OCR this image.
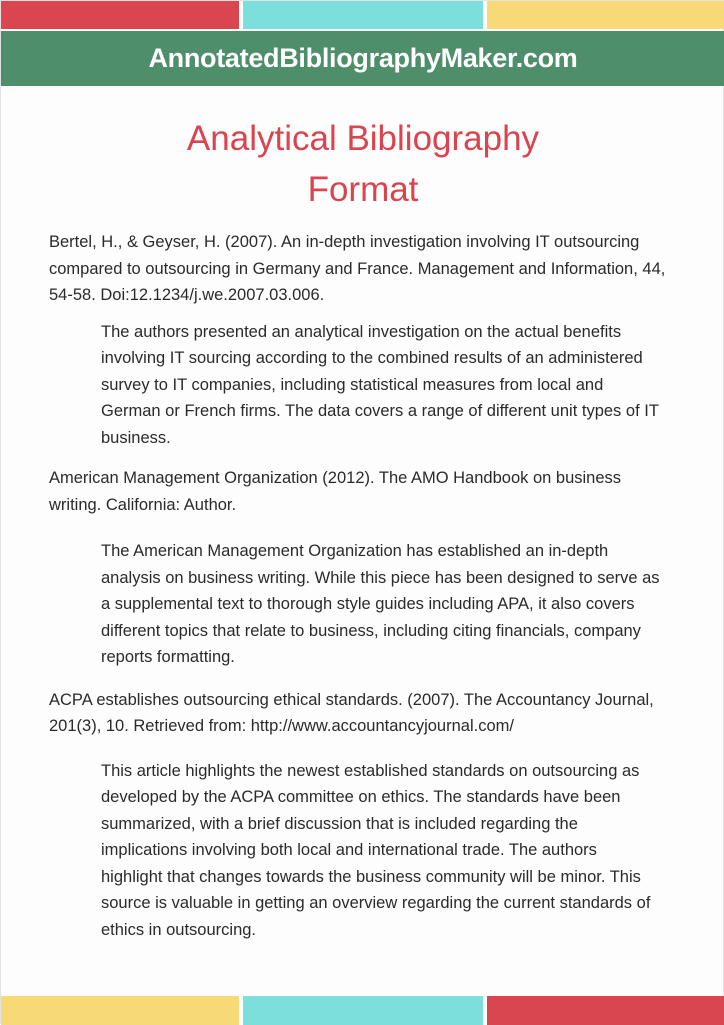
AnnotatedBibliographyMaker.com
Analytical Bibliography
Format

Bertel, H., & Geyser, H. (2007). An in-depth investigation involving IT outsourcing compared to outsourcing in Germany and France. Management and Information, 44, 54-58. Doi:12.1234/j.we.2007.03.006.

The authors presented an analytical investigation on the actual benefits involving IT sourcing according to the combined results of an administered survey to IT companies, including statistical measures from local and German or French firms. The data covers a range of different unit types of IT business.

American Management Organization (2012). The AMO Handbook on business writing. California: Author.

The American Management Organization has established an in-depth analysis on business writing. While this piece has been designed to serve as a supplemental text to thorough style guides including APA, it also covers different topics that relate to business, including citing financials, company reports formatting.

ACPA establishes outsourcing ethical standards. (2007). The Accountancy Journal, 201(3), 10. Retrieved from: http://www.accountancyjournal.com/

This article highlights the newest established standards on outsourcing as developed by the ACPA committee on ethics. The standards have been summarized, with a brief discussion that is included regarding the implications involving both local and international trade. The authors highlight that changes towards the business community will be minor. This source is valuable in getting an overview regarding the current standards of ethics in outsourcing.
